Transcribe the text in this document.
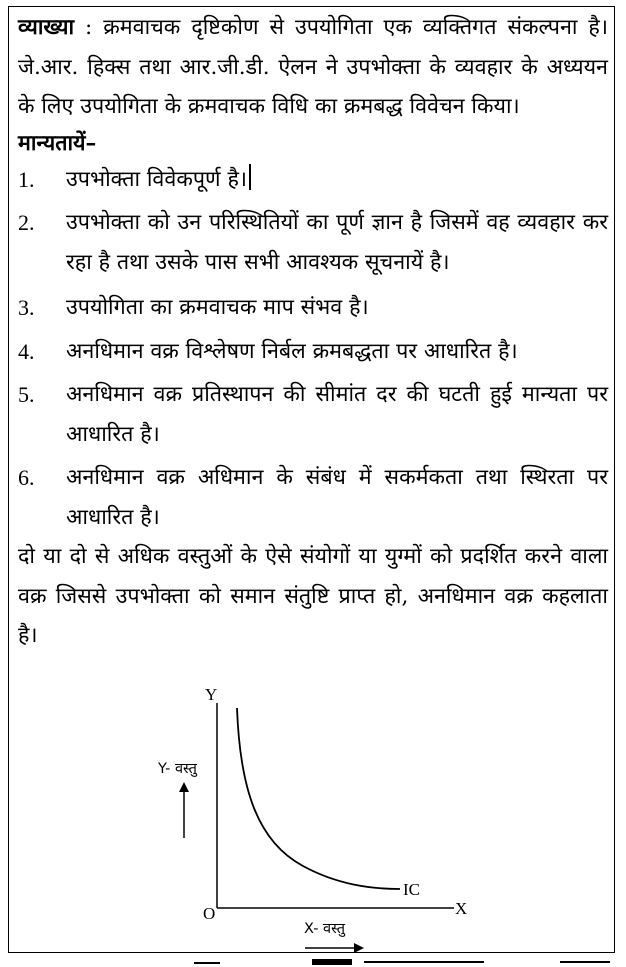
व्याख्या : क्रमवाचक दृष्टिकोण से उपयोगिता एक व्यक्तिगत संकल्पना है। जे.आर. हिक्स तथा आर.जी.डी. ऐलन ने उपभोक्ता के व्यवहार के अध्ययन के लिए उपयोगिता के क्रमवाचक विधि का क्रमबद्ध विवेचन किया।

मान्यतायें–

1. उपभोक्ता विवेकपूर्ण है।
2. उपभोक्ता को उन परिस्थितियों का पूर्ण ज्ञान है जिसमें वह व्यवहार कर रहा है तथा उसके पास सभी आवश्यक सूचनायें है।
3. उपयोगिता का क्रमवाचक माप संभव है।
4. अनधिमान वक्र विश्लेषण निर्बल क्रमबद्धता पर आधारित है।
5. अनधिमान वक्र प्रतिस्थापन की सीमांत दर की घटती हुई मान्यता पर आधारित है।
6. अनधिमान वक्र अधिमान के संबंध में सकर्मकता तथा स्थिरता पर आधारित है।

दो या दो से अधिक वस्तुओं के ऐसे संयोगों या युग्मों को प्रदर्शित करने वाला वक्र जिससे उपभोक्ता को समान संतुष्टि प्राप्त हो, अनधिमान वक्र कहलाता है।

Y
X
O
IC
Y- वस्तु
X- वस्तु
